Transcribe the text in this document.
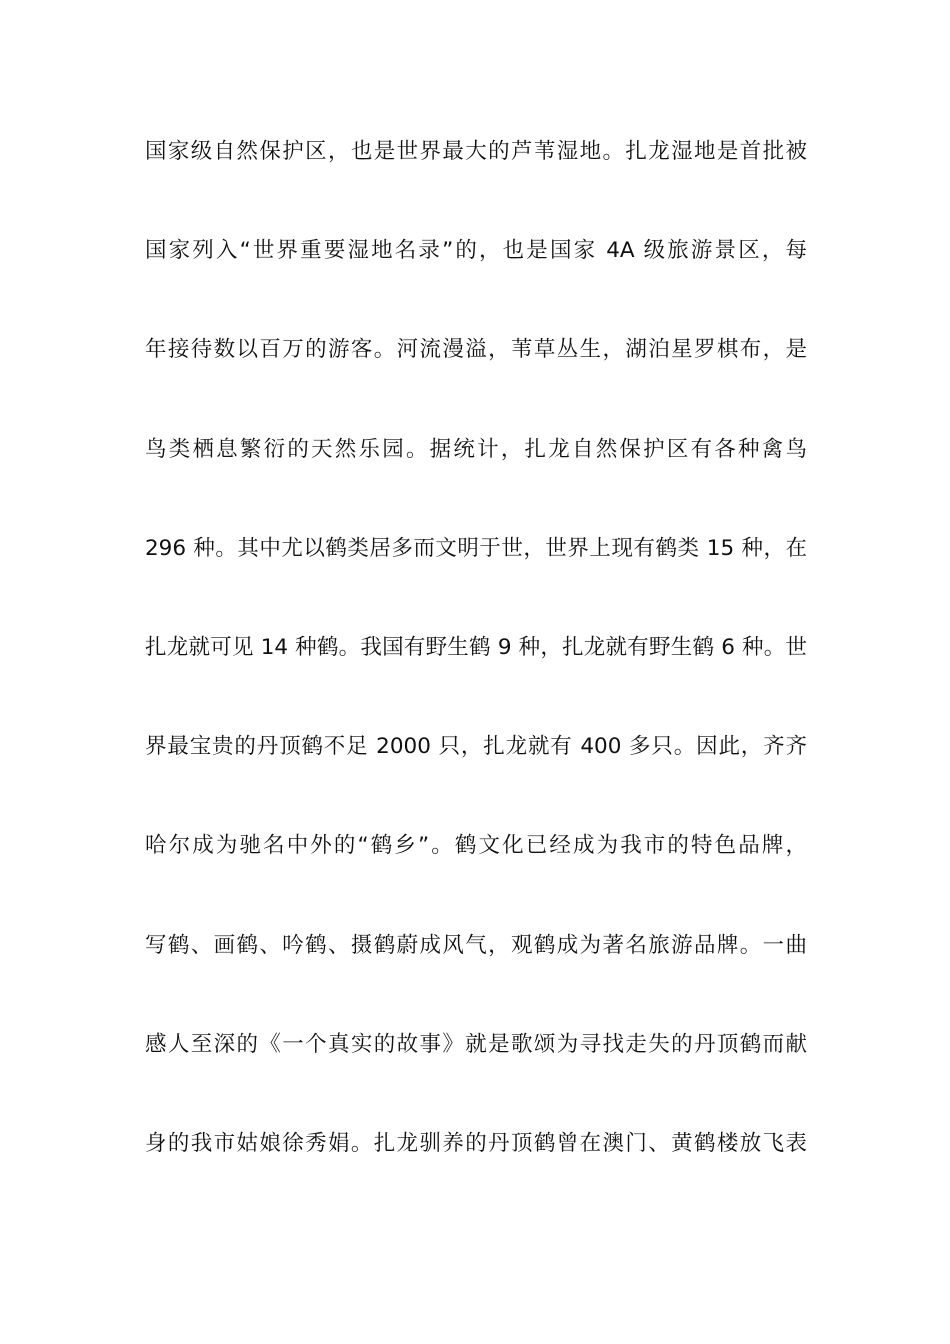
国家级自然保护区，也是世界最大的芦苇湿地。扎龙湿地是首批被
国家列入“世界重要湿地名录”的，也是国家 4A 级旅游景区，每
年接待数以百万的游客。河流漫溢，苇草丛生，湖泊星罗棋布，是
鸟类栖息繁衍的天然乐园。据统计，扎龙自然保护区有各种禽鸟
296 种。其中尤以鹤类居多而文明于世，世界上现有鹤类 15 种，在
扎龙就可见 14 种鹤。我国有野生鹤 9 种，扎龙就有野生鹤 6 种。世
界最宝贵的丹顶鹤不足 2000 只，扎龙就有 400 多只。因此，齐齐
哈尔成为驰名中外的“鹤乡”。鹤文化已经成为我市的特色品牌，
写鹤、画鹤、吟鹤、摄鹤蔚成风气，观鹤成为著名旅游品牌。一曲
感人至深的《一个真实的故事》就是歌颂为寻找走失的丹顶鹤而献
身的我市姑娘徐秀娟。扎龙驯养的丹顶鹤曾在澳门、黄鹤楼放飞表
